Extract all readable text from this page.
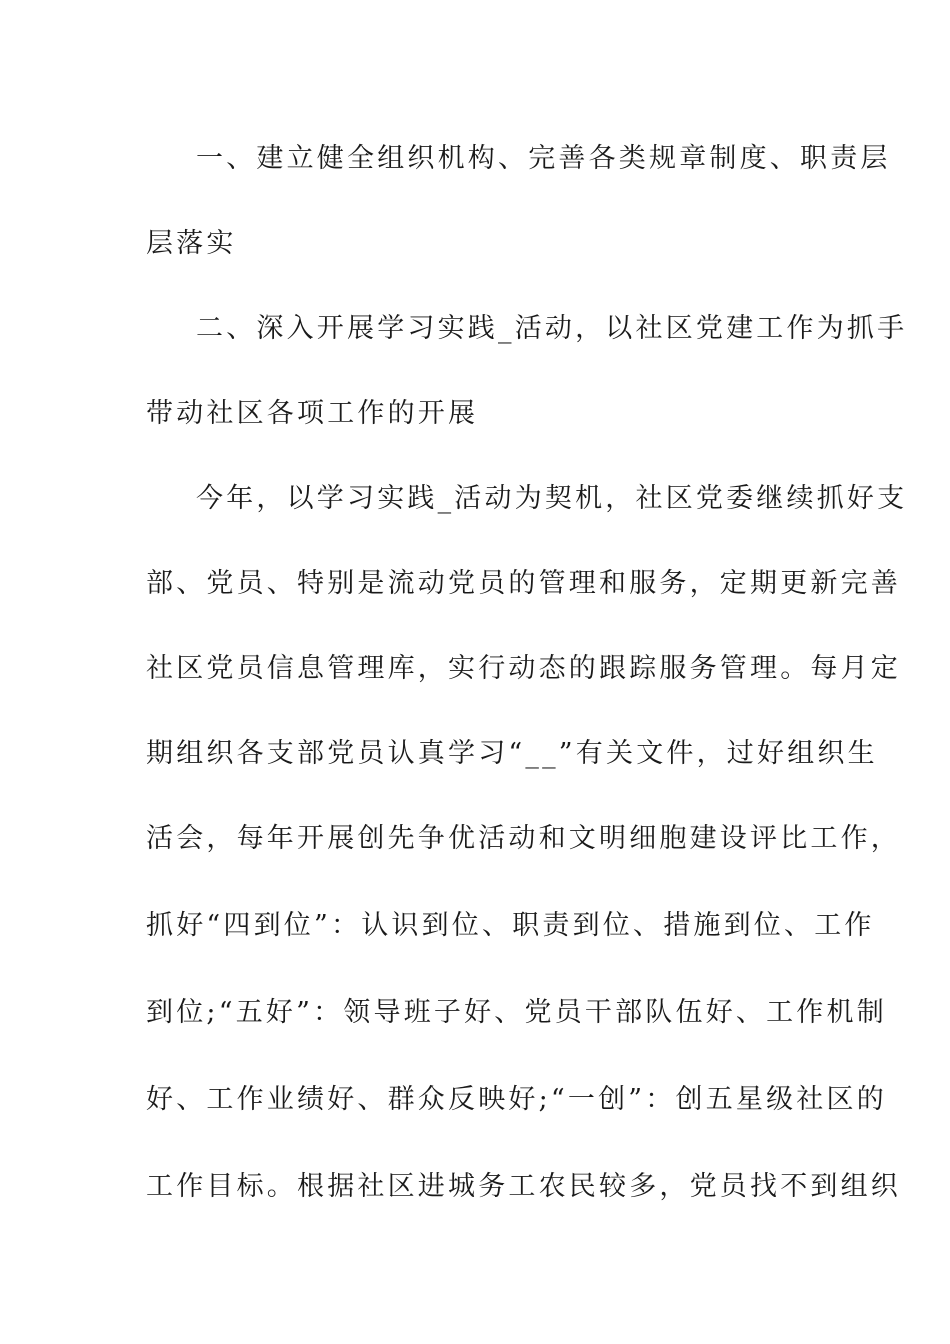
一、建立健全组织机构、完善各类规章制度、职责层
层落实
二、深入开展学习实践_活动，以社区党建工作为抓手
带动社区各项工作的开展
今年，以学习实践_活动为契机，社区党委继续抓好支
部、党员、特别是流动党员的管理和服务，定期更新完善
社区党员信息管理库，实行动态的跟踪服务管理。每月定
期组织各支部党员认真学习“__”有关文件，过好组织生
活会，每年开展创先争优活动和文明细胞建设评比工作，
抓好“四到位”：认识到位、职责到位、措施到位、工作
到位;“五好”：领导班子好、党员干部队伍好、工作机制
好、工作业绩好、群众反映好;“一创”：创五星级社区的
工作目标。根据社区进城务工农民较多，党员找不到组织
